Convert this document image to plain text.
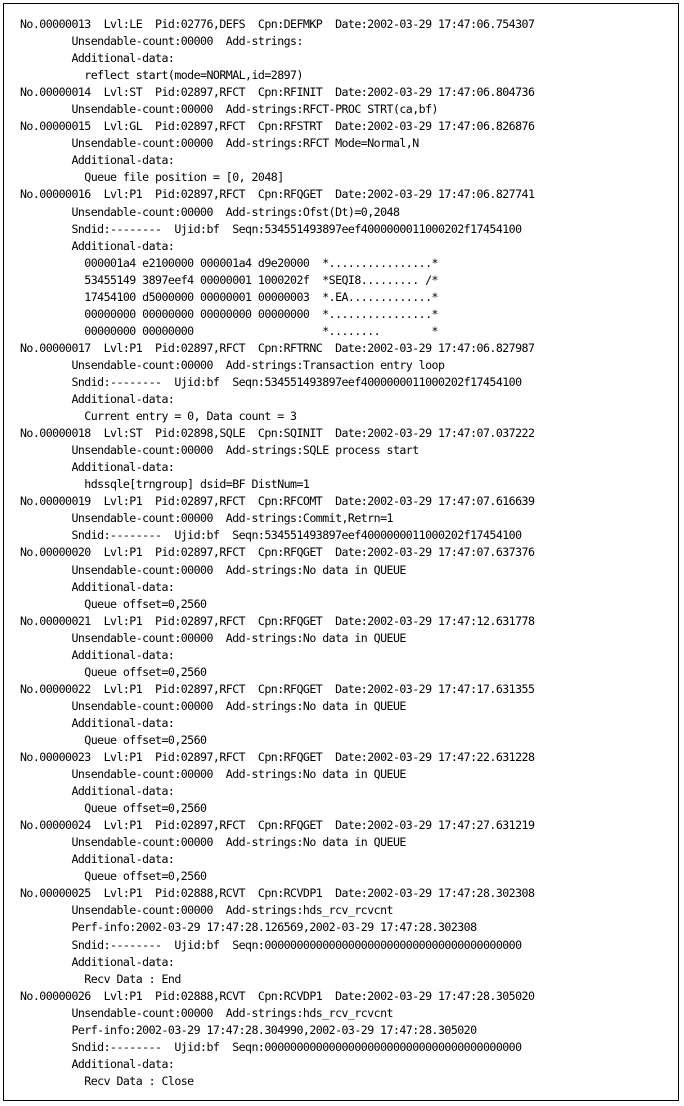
No.00000013  Lvl:LE  Pid:02776,DEFS  Cpn:DEFMKP  Date:2002-03-29 17:47:06.754307
Unsendable-count:00000  Add-strings:
Additional-data:
reflect start(mode=NORMAL,id=2897)
No.00000014  Lvl:ST  Pid:02897,RFCT  Cpn:RFINIT  Date:2002-03-29 17:47:06.804736
Unsendable-count:00000  Add-strings:RFCT-PROC STRT(ca,bf)
No.00000015  Lvl:GL  Pid:02897,RFCT  Cpn:RFSTRT  Date:2002-03-29 17:47:06.826876
Unsendable-count:00000  Add-strings:RFCT Mode=Normal,N
Additional-data:
Queue file position = [0, 2048]
No.00000016  Lvl:P1  Pid:02897,RFCT  Cpn:RFQGET  Date:2002-03-29 17:47:06.827741
Unsendable-count:00000  Add-strings:Ofst(Dt)=0,2048
Sndid:--------  Ujid:bf  Seqn:534551493897eef4000000011000202f17454100
Additional-data:
000001a4 e2100000 000001a4 d9e20000  *................*
53455149 3897eef4 00000001 1000202f  *SEQI8......... /*
17454100 d5000000 00000001 00000003  *.EA.............*
00000000 00000000 00000000 00000000  *................*
00000000 00000000                    *........        *
No.00000017  Lvl:P1  Pid:02897,RFCT  Cpn:RFTRNC  Date:2002-03-29 17:47:06.827987
Unsendable-count:00000  Add-strings:Transaction entry loop
Sndid:--------  Ujid:bf  Seqn:534551493897eef4000000011000202f17454100
Additional-data:
Current entry = 0, Data count = 3
No.00000018  Lvl:ST  Pid:02898,SQLE  Cpn:SQINIT  Date:2002-03-29 17:47:07.037222
Unsendable-count:00000  Add-strings:SQLE process start
Additional-data:
hdssqle[trngroup] dsid=BF DistNum=1
No.00000019  Lvl:P1  Pid:02897,RFCT  Cpn:RFCOMT  Date:2002-03-29 17:47:07.616639
Unsendable-count:00000  Add-strings:Commit,Retrn=1
Sndid:--------  Ujid:bf  Seqn:534551493897eef4000000011000202f17454100
No.00000020  Lvl:P1  Pid:02897,RFCT  Cpn:RFQGET  Date:2002-03-29 17:47:07.637376
Unsendable-count:00000  Add-strings:No data in QUEUE
Additional-data:
Queue offset=0,2560
No.00000021  Lvl:P1  Pid:02897,RFCT  Cpn:RFQGET  Date:2002-03-29 17:47:12.631778
Unsendable-count:00000  Add-strings:No data in QUEUE
Additional-data:
Queue offset=0,2560
No.00000022  Lvl:P1  Pid:02897,RFCT  Cpn:RFQGET  Date:2002-03-29 17:47:17.631355
Unsendable-count:00000  Add-strings:No data in QUEUE
Additional-data:
Queue offset=0,2560
No.00000023  Lvl:P1  Pid:02897,RFCT  Cpn:RFQGET  Date:2002-03-29 17:47:22.631228
Unsendable-count:00000  Add-strings:No data in QUEUE
Additional-data:
Queue offset=0,2560
No.00000024  Lvl:P1  Pid:02897,RFCT  Cpn:RFQGET  Date:2002-03-29 17:47:27.631219
Unsendable-count:00000  Add-strings:No data in QUEUE
Additional-data:
Queue offset=0,2560
No.00000025  Lvl:P1  Pid:02888,RCVT  Cpn:RCVDP1  Date:2002-03-29 17:47:28.302308
Unsendable-count:00000  Add-strings:hds_rcv_rcvcnt
Perf-info:2002-03-29 17:47:28.126569,2002-03-29 17:47:28.302308
Sndid:--------  Ujid:bf  Seqn:0000000000000000000000000000000000000000
Additional-data:
Recv Data : End
No.00000026  Lvl:P1  Pid:02888,RCVT  Cpn:RCVDP1  Date:2002-03-29 17:47:28.305020
Unsendable-count:00000  Add-strings:hds_rcv_rcvcnt
Perf-info:2002-03-29 17:47:28.304990,2002-03-29 17:47:28.305020
Sndid:--------  Ujid:bf  Seqn:0000000000000000000000000000000000000000
Additional-data:
Recv Data : Close
